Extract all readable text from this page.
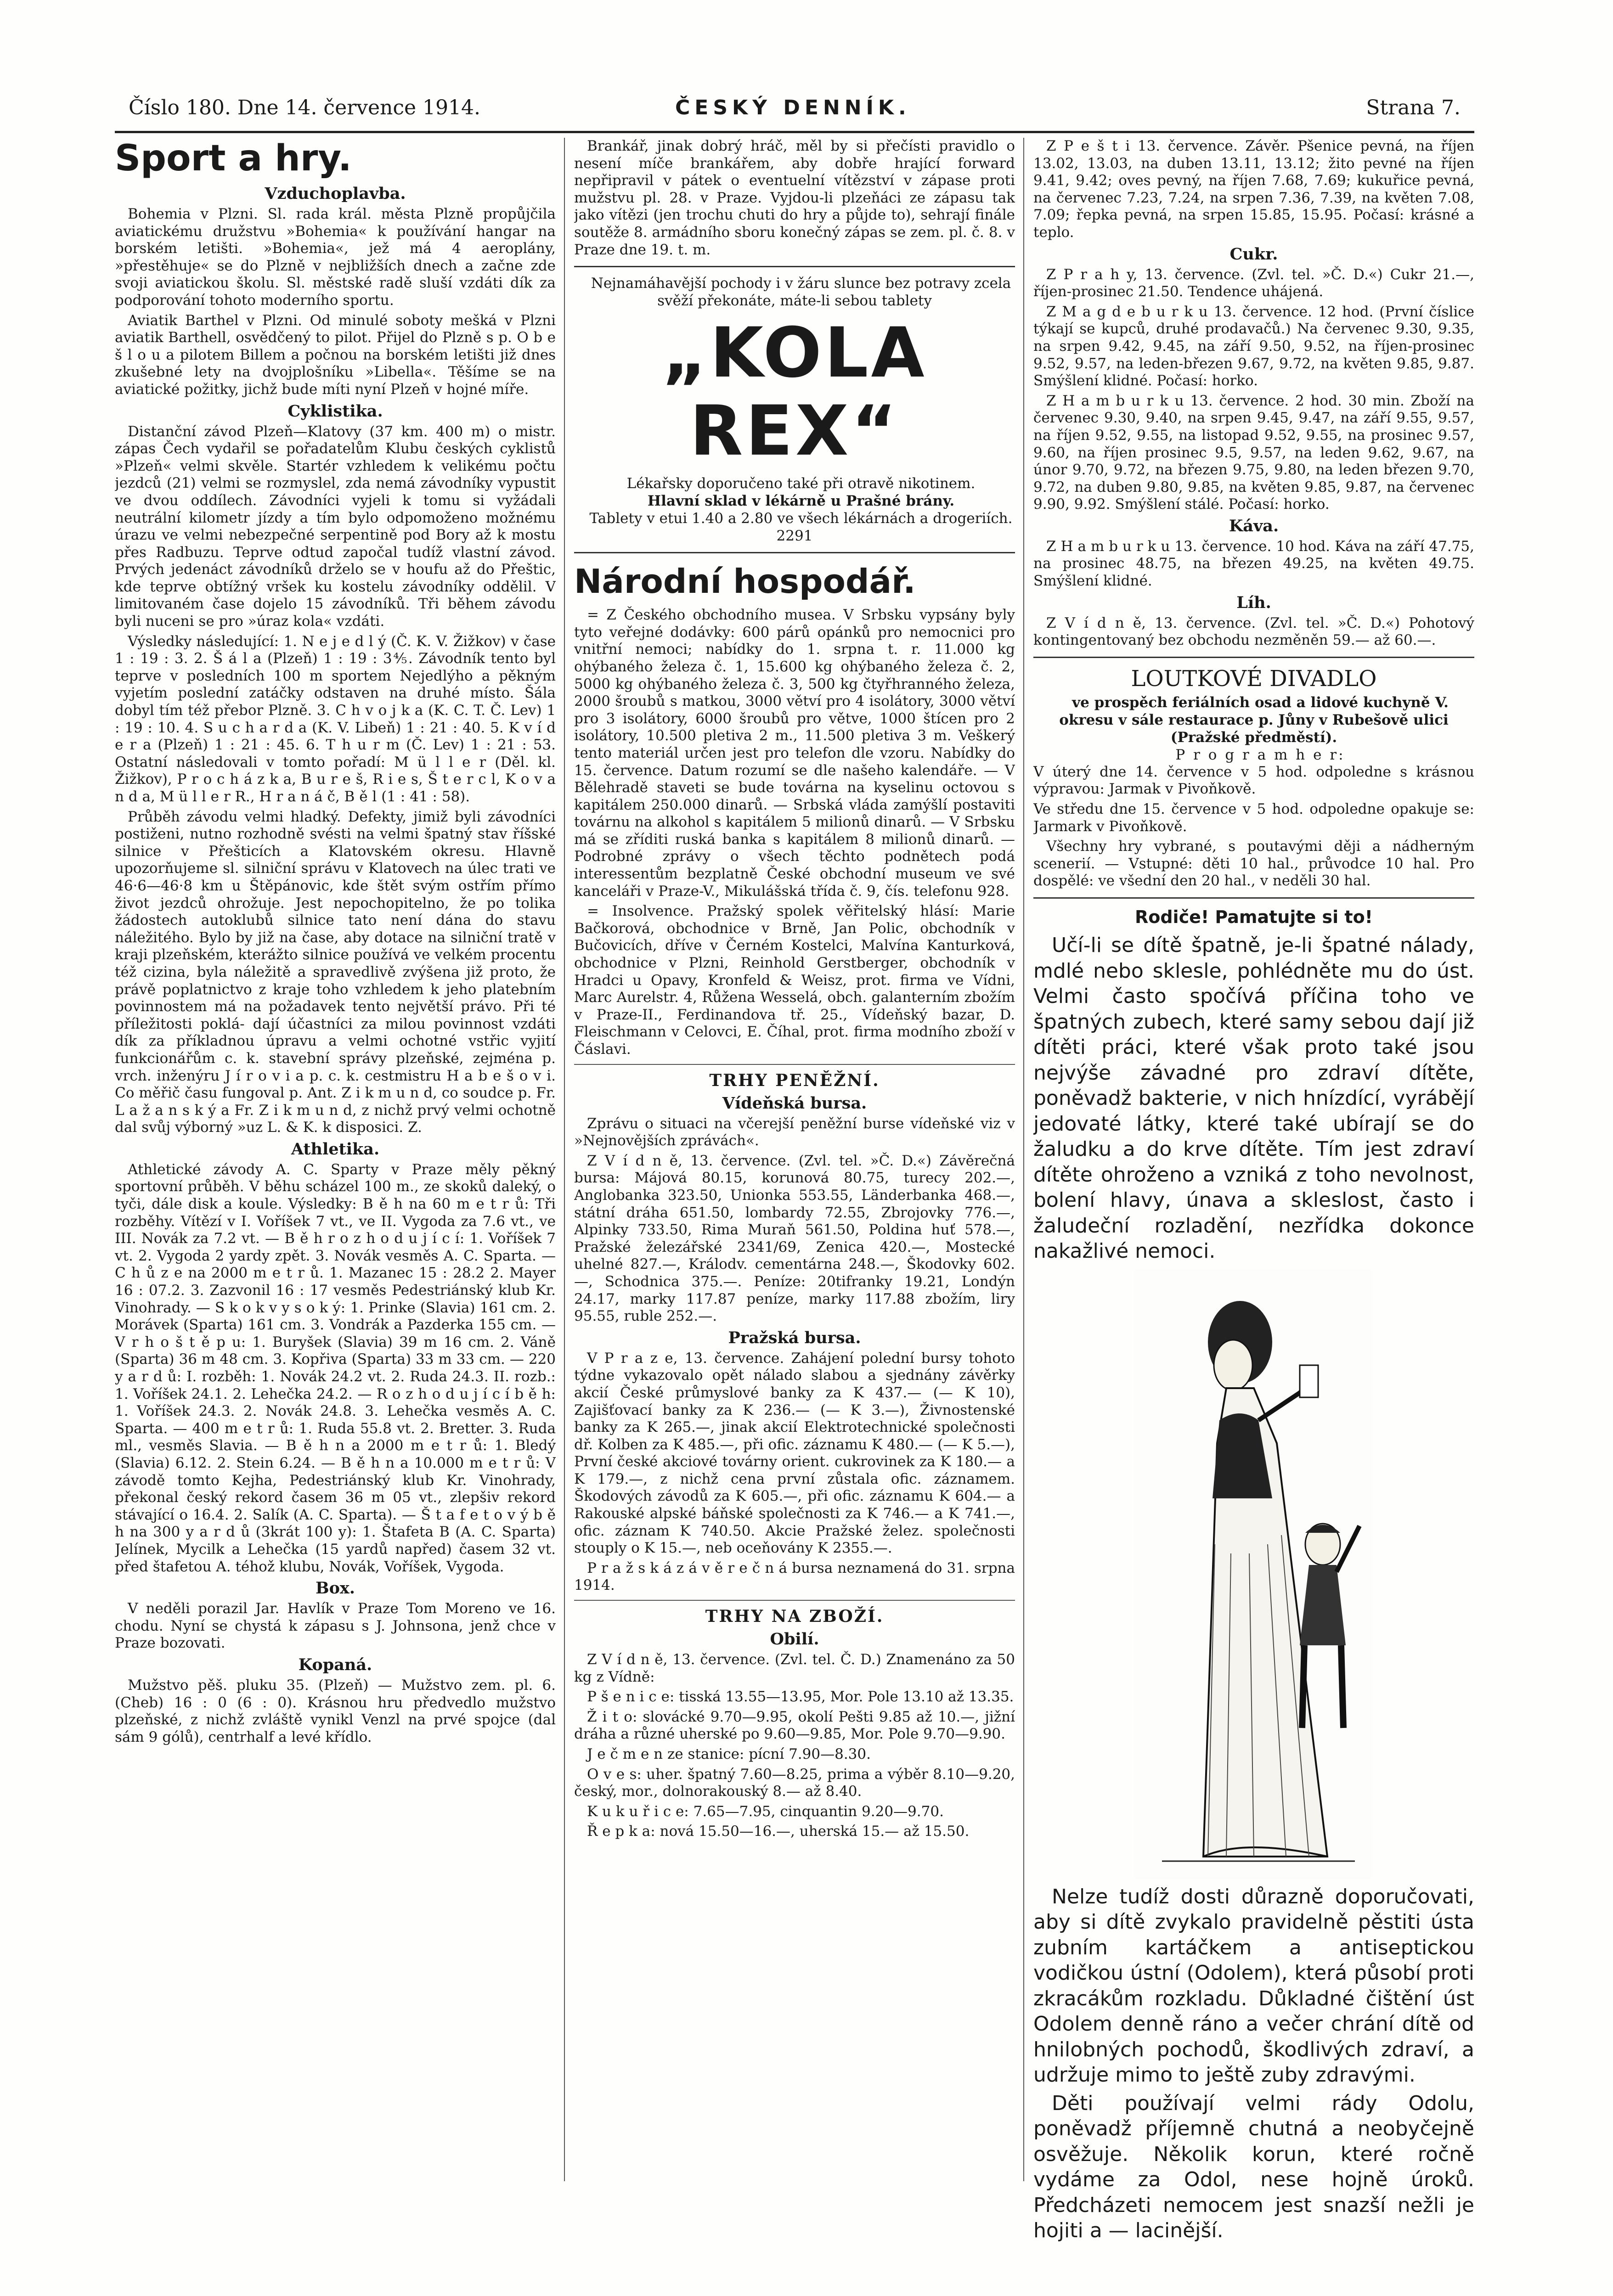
Číslo 180. Dne 14. července 1914.	ČESKÝ DENNÍK.	Strana 7.
Sport a hry.
Vzduchoplavba.

Bohemia v Plzni. Sl. rada král. města Plzně propůjčila aviatickému družstvu »Bohemia« k používání hangar na borském letišti. »Bohemia«, jež má 4 aeroplány, »přestěhuje« se do Plzně v nejbližších dnech a začne zde svoji aviatickou školu. Sl. městské radě sluší vzdáti dík za podporování tohoto moderního sportu.

Aviatik Barthel v Plzni. Od minulé soboty mešká v Plzni aviatik Barthell, osvědčený to pilot. Přijel do Plzně s p. O b e š l o u a pilotem Billem a počnou na borském letišti již dnes zkušebné lety na dvojplošníku »Libella«. Těšíme se na aviatické požitky, jichž bude míti nyní Plzeň v hojné míře.

Cyklistika.

Distanční závod Plzeň—Klatovy (37 km. 400 m) o mistr. zápas Čech vydařil se pořadatelům Klubu českých cyklistů »Plzeň« velmi skvěle. Startér vzhledem k velikému počtu jezdců (21) velmi se rozmyslel, zda nemá závodníky vypustit ve dvou oddílech. Závodníci vyjeli k tomu si vyžádali neutrální kilometr jízdy a tím bylo odpomoženo možnému úrazu ve velmi nebezpečné serpentině pod Bory až k mostu přes Radbuzu. Teprve odtud započal tudíž vlastní závod. Prvých jedenáct závodníků drželo se v houfu až do Přeštic, kde teprve obtížný vršek ku kostelu závodníky oddělil. V limitovaném čase dojelo 15 závodníků. Tři během závodu byli nuceni se pro »úraz kola« vzdáti.

Výsledky následující: 1. N e j e d l ý (Č. K. V. Žižkov) v čase 1 : 19 : 3. 2. Š á l a (Plzeň) 1 : 19 : 3⅘. Závodník tento byl teprve v posledních 100 m sportem Nejedlýho a pěkným vyjetím poslední zatáčky odstaven na druhé místo. Šála dobyl tím též přebor Plzně. 3. C h v o j k a (K. C. T. Č. Lev) 1 : 19 : 10. 4. S u c h a r d a (K. V. Libeň) 1 : 21 : 40. 5. K v í d e r a (Plzeň) 1 : 21 : 45. 6. T h u r m (Č. Lev) 1 : 21 : 53. Ostatní následovali v tomto pořadí: M ü l l e r (Děl. kl. Žižkov), P r o c h á z k a, B u r e š, R i e s, Š t e r c l, K o v a n d a, M ü l l e r R., H r a n á č, B ě l (1 : 41 : 58).

Průběh závodu velmi hladký. Defekty, jimiž byli závodníci postiženi, nutno rozhodně svésti na velmi špatný stav říšské silnice v Přešticích a Klatovském okresu. Hlavně upozorňujeme sl. silniční správu v Klatovech na úlec trati ve 46·6—46·8 km u Štěpánovic, kde štět svým ostřím přímo život jezdců ohrožuje. Jest nepochopitelno, že po tolika žádostech autoklubů silnice tato není dána do stavu náležitého. Bylo by již na čase, aby dotace na silniční tratě v kraji plzeňském, kterážto silnice používá ve velkém procentu též cizina, byla náležitě a spravedlivě zvýšena již proto, že právě poplatnictvo z kraje toho vzhledem k jeho platebním povinnostem má na požadavek tento největší právo. Při té příležitosti poklá- dají účastníci za milou povinnost vzdáti dík za příkladnou úpravu a velmi ochotné vstřic vyjití funkcionářům c. k. stavební správy plzeňské, zejména p. vrch. inženýru J í r o v i a p. c. k. cestmistru H a b e š o v i. Co měřič času fungoval p. Ant. Z i k m u n d, co soudce p. Fr. L a ž a n s k ý a Fr. Z i k m u n d, z nichž prvý velmi ochotně dal svůj výborný »uz L. & K. k disposici. Z.

Athletika.

Athletické závody A. C. Sparty v Praze měly pěkný sportovní průběh. V běhu scházel 100 m., ze skoků daleký, o tyči, dále disk a koule. Výsledky: B ě h na 60 m e t r ů: Tři rozběhy. Vítězí v I. Voříšek 7 vt., ve II. Vygoda za 7.6 vt., ve III. Novák za 7.2 vt. — B ě h r o z h o d u j í c í: 1. Voříšek 7 vt. 2. Vygoda 2 yardy zpět. 3. Novák vesměs A. C. Sparta. — C h ů z e na 2000 m e t r ů. 1. Mazanec 15 : 28.2 2. Mayer 16 : 07.2. 3. Zazvonil 16 : 17 vesměs Pedestriánský klub Kr. Vinohrady. — S k o k v y s o k ý: 1. Prinke (Slavia) 161 cm. 2. Morávek (Sparta) 161 cm. 3. Vondrák a Pazderka 155 cm. — V r h o š t ě p u: 1. Buryšek (Slavia) 39 m 16 cm. 2. Váně (Sparta) 36 m 48 cm. 3. Kopřiva (Sparta) 33 m 33 cm. — 220 y a r d ů: I. rozběh: 1. Novák 24.2 vt. 2. Ruda 24.3. II. rozb.: 1. Voříšek 24.1. 2. Lehečka 24.2. — R o z h o d u j í c í b ě h: 1. Voříšek 24.3. 2. Novák 24.8. 3. Lehečka vesměs A. C. Sparta. — 400 m e t r ů: 1. Ruda 55.8 vt. 2. Bretter. 3. Ruda ml., vesměs Slavia. — B ě h n a 2000 m e t r ů: 1. Bledý (Slavia) 6.12. 2. Stein 6.24. — B ě h n a 10.000 m e t r ů: V závodě tomto Kejha, Pedestriánský klub Kr. Vinohrady, překonal český rekord časem 36 m 05 vt., zlepšiv rekord stávající o 16.4. 2. Salík (A. C. Sparta). — Š t a f e t o v ý b ě h na 300 y a r d ů (3krát 100 y): 1. Štafeta B (A. C. Sparta) Jelínek, Mycilk a Lehečka (15 yardů napřed) časem 32 vt. před štafetou A. téhož klubu, Novák, Voříšek, Vygoda.

Box.

V neděli porazil Jar. Havlík v Praze Tom Moreno ve 16. chodu. Nyní se chystá k zápasu s J. Johnsona, jenž chce v Praze bozovati.

Kopaná.

Mužstvo pěš. pluku 35. (Plzeň) — Mužstvo zem. pl. 6. (Cheb) 16 : 0 (6 : 0). Krásnou hru předvedlo mužstvo plzeňské, z nichž zvláště vynikl Venzl na prvé spojce (dal sám 9 gólů), centrhalf a levé křídlo.

Brankář, jinak dobrý hráč, měl by si přečísti pravidlo o nesení míče brankářem, aby dobře hrající forward nepřipravil v pátek o eventuelní vítězství v zápase proti mužstvu pl. 28. v Praze. Vyjdou-li plzeňáci ze zápasu tak jako vítězi (jen trochu chuti do hry a půjde to), sehrají finále soutěže 8. armádního sboru konečný zápas se zem. pl. č. 8. v Praze dne 19. t. m.

Nejnamáhavější pochody i v žáru slunce bez potravy zcela svěží překonáte, máte-li sebou tablety

„KOLA REX“

Lékařsky doporučeno také při otravě nikotinem.

Hlavní sklad v lékárně u Prašné brány.

Tablety v etui 1.40 a 2.80 ve všech lékárnách a drogeriích. 2291

Národní hospodář.

= Z Českého obchodního musea. V Srbsku vypsány byly tyto veřejné dodávky: 600 párů opánků pro nemocnici pro vnitřní nemoci; nabídky do 1. srpna t. r. 11.000 kg ohýbaného železa č. 1, 15.600 kg ohýbaného železa č. 2, 5000 kg ohýbaného železa č. 3, 500 kg čtyřhranného železa, 2000 šroubů s matkou, 3000 větví pro 4 isolátory, 3000 větví pro 3 isolátory, 6000 šroubů pro větve, 1000 štícen pro 2 isolátory, 10.500 pletiva 2 m., 11.500 pletiva 3 m. Veškerý tento materiál určen jest pro telefon dle vzoru. Nabídky do 15. července. Datum rozumí se dle našeho kalendáře. — V Bělehradě staveti se bude továrna na kyselinu octovou s kapitálem 250.000 dinarů. — Srbská vláda zamýšlí postaviti továrnu na alkohol s kapitálem 5 milionů dinarů. — V Srbsku má se zříditi ruská banka s kapitálem 8 milionů dinarů. — Podrobné zprávy o všech těchto podnětech podá interessentům bezplatně České obchodní museum ve své kanceláři v Praze-V., Mikulášská třída č. 9, čís. telefonu 928.

= Insolvence. Pražský spolek věřitelský hlásí: Marie Bačkorová, obchodnice v Brně, Jan Polic, obchodník v Bučovicích, dříve v Černém Kostelci, Malvína Kanturková, obchodnice v Plzni, Reinhold Gerstberger, obchodník v Hradci u Opavy, Kronfeld & Weisz, prot. firma ve Vídni, Marc Aurelstr. 4, Růžena Wesselá, obch. galanterním zbožím v Praze-II., Ferdinandova tř. 25., Vídeňský bazar, D. Fleischmann v Celovci, E. Číhal, prot. firma modního zboží v Čáslavi.

TRHY PENĚŽNÍ.
Vídeňská bursa.

Zprávu o situaci na včerejší peněžní burse vídeňské viz v »Nejnovějších zprávách«.

Z V í d n ě, 13. července. (Zvl. tel. »Č. D.«) Závěrečná bursa: Májová 80.15, korunová 80.75, turecy 202.—, Anglobanka 323.50, Unionka 553.55, Länderbanka 468.—, státní dráha 651.50, lombardy 72.55, Zbrojovky 776.—, Alpinky 733.50, Rima Muraň 561.50, Poldina huť 578.—, Pražské železářské 2341/69, Zenica 420.—, Mostecké uhelné 827.—, Králodv. cementárna 248.—, Škodovky 602.—, Schodnica 375.—. Peníze: 20tifranky 19.21, Londýn 24.17, marky 117.87 peníze, marky 117.88 zbožím, liry 95.55, ruble 252.—.

Pražská bursa.

V P r a z e, 13. července. Zahájení polední bursy tohoto týdne vykazovalo opět nálado slabou a sjednány závěrky akcií České průmyslové banky za K 437.— (— K 10), Zajišťovací banky za K 236.— (— K 3.—), Živnostenské banky za K 265.—, jinak akcií Elektrotechnické společnosti dř. Kolben za K 485.—, při ofic. záznamu K 480.— (— K 5.—), První české akciové továrny orient. cukrovinek za K 180.— a K 179.—, z nichž cena první zůstala ofic. záznamem. Škodových závodů za K 605.—, při ofic. záznamu K 604.— a Rakouské alpské báňské společnosti za K 746.— a K 741.—, ofic. záznam K 740.50. Akcie Pražské želez. společnosti stouply o K 15.—, neb oceňovány K 2355.—.

P r a ž s k á z á v ě r e č n á bursa neznamená do 31. srpna 1914.

TRHY NA ZBOŽÍ.
Obilí.

Z V í d n ě, 13. července. (Zvl. tel. Č. D.) Znamenáno za 50 kg z Vídně:

P š e n i c e: tisská 13.55—13.95, Mor. Pole 13.10 až 13.35.

Ž i t o: slovácké 9.70—9.95, okolí Pešti 9.85 až 10.—, jižní dráha a různé uherské po 9.60—9.85, Mor. Pole 9.70—9.90.

J e č m e n ze stanice: pícní 7.90—8.30.

O v e s: uher. špatný 7.60—8.25, prima a výběr 8.10—9.20, český, mor., dolnorakouský 8.— až 8.40.

K u k u ř i c e: 7.65—7.95, cinquantin 9.20—9.70.

Ř e p k a: nová 15.50—16.—, uherská 15.— až 15.50.

Z P e š t i 13. července. Závěr. Pšenice pevná, na říjen 13.02, 13.03, na duben 13.11, 13.12; žito pevné na říjen 9.41, 9.42; oves pevný, na říjen 7.68, 7.69; kukuřice pevná, na červenec 7.23, 7.24, na srpen 7.36, 7.39, na květen 7.08, 7.09; řepka pevná, na srpen 15.85, 15.95. Počasí: krásné a teplo.

Cukr.

Z P r a h y, 13. července. (Zvl. tel. »Č. D.«) Cukr 21.—, říjen-prosinec 21.50. Tendence uhájená.

Z M a g d e b u r k u 13. července. 12 hod. (První číslice týkají se kupců, druhé prodavačů.) Na červenec 9.30, 9.35, na srpen 9.42, 9.45, na září 9.50, 9.52, na říjen-prosinec 9.52, 9.57, na leden-březen 9.67, 9.72, na květen 9.85, 9.87. Smýšlení klidné. Počasí: horko.

Z H a m b u r k u 13. července. 2 hod. 30 min. Zboží na červenec 9.30, 9.40, na srpen 9.45, 9.47, na září 9.55, 9.57, na říjen 9.52, 9.55, na listopad 9.52, 9.55, na prosinec 9.57, 9.60, na říjen prosinec 9.5, 9.57, na leden 9.62, 9.67, na únor 9.70, 9.72, na březen 9.75, 9.80, na leden březen 9.70, 9.72, na duben 9.80, 9.85, na květen 9.85, 9.87, na červenec 9.90, 9.92. Smýšlení stálé. Počasí: horko.

Káva.

Z H a m b u r k u 13. července. 10 hod. Káva na září 47.75, na prosinec 48.75, na březen 49.25, na květen 49.75. Smýšlení klidné.

Líh.

Z V í d n ě, 13. července. (Zvl. tel. »Č. D.«) Pohotový kontingentovaný bez obchodu nezměněn 59.— až 60.—.

LOUTKOVÉ DIVADLO

ve prospěch feriálních osad a lidové kuchyně V. okresu v sále restaurace p. Jůny v Rubešově ulici (Pražské předměstí).

P r o g r a m h e r:

V úterý dne 14. července v 5 hod. odpoledne s krásnou výpravou: Jarmak v Pivoňkově.

Ve středu dne 15. července v 5 hod. odpoledne opakuje se: Jarmark v Pivoňkově.

Všechny hry vybrané, s poutavými ději a nádherným scenerií. — Vstupné: děti 10 hal., průvodce 10 hal. Pro dospělé: ve všední den 20 hal., v neděli 30 hal.

Rodiče! Pamatujte si to!

Učí-li se dítě špatně, je-li špatné nálady, mdlé nebo sklesle, pohlédněte mu do úst. Velmi často spočívá příčina toho ve špatných zubech, které samy sebou dají již dítěti práci, které však proto také jsou nejvýše závadné pro zdraví dítěte, poněvadž bakterie, v nich hnízdící, vyrábějí jedovaté látky, které také ubírají se do žaludku a do krve dítěte. Tím jest zdraví dítěte ohroženo a vzniká z toho nevolnost, bolení hlavy, únava a skleslost, často i žaludeční rozladění, nezřídka dokonce nakažlivé nemoci.

Nelze tudíž dosti důrazně doporučovati, aby si dítě zvykalo pravidelně pěstiti ústa zubním kartáčkem a antiseptickou vodičkou ústní (Odolem), která působí proti zkracákům rozkladu. Důkladné čištění úst Odolem denně ráno a večer chrání dítě od hnilobných pochodů, škodlivých zdraví, a udržuje mimo to ještě zuby zdravými.

Děti používají velmi rády Odolu, poněvadž příjemně chutná a neobyčejně osvěžuje. Několik korun, které ročně vydáme za Odol, nese hojně úroků. Předcházeti nemocem jest snazší nežli je hojiti a — lacinější.
